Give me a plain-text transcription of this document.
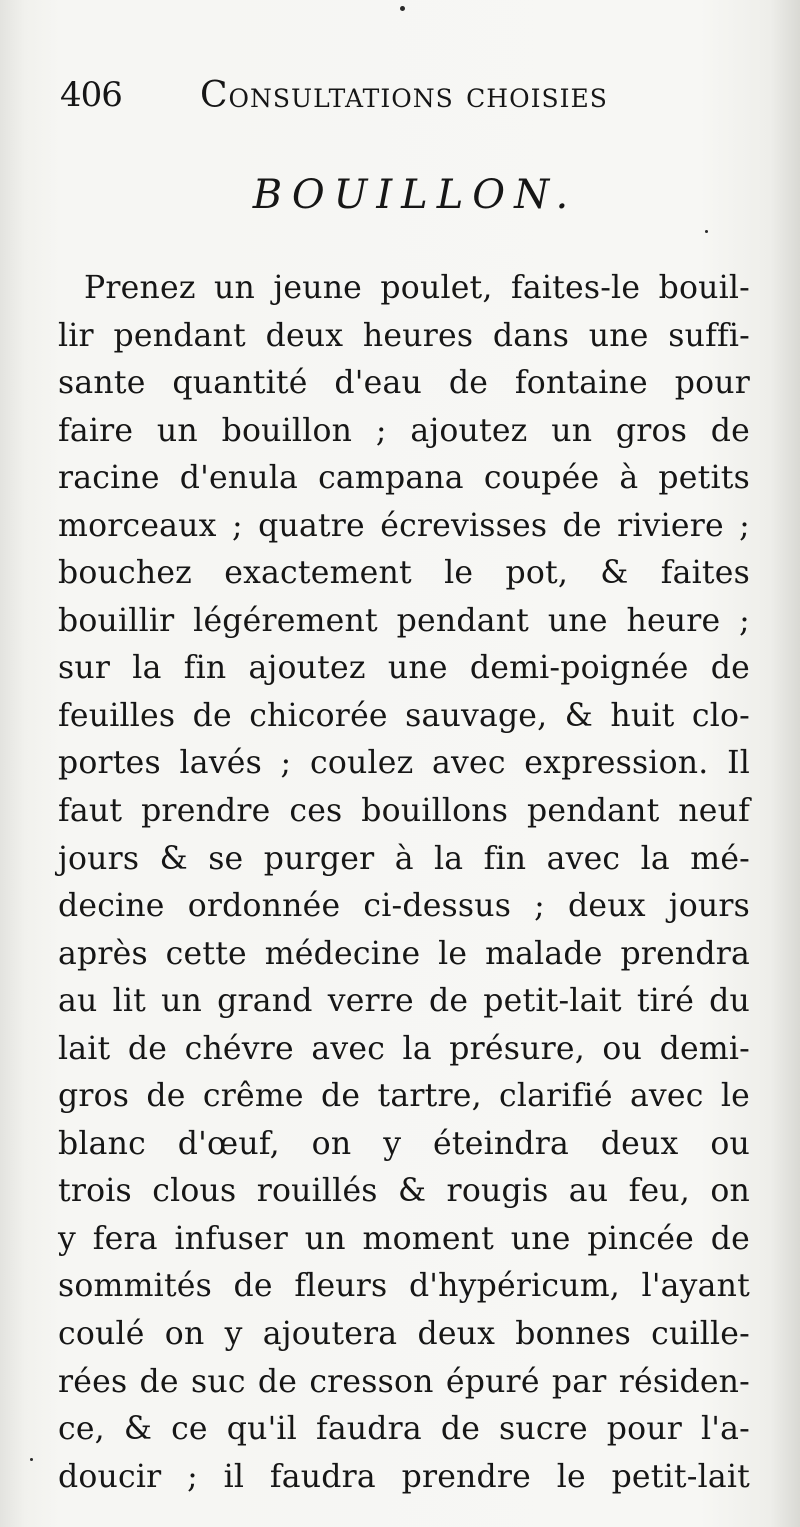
406 Consultations choisies
BOUILLON.
Prenez un jeune poulet, faites-le bouil-
lir pendant deux heures dans une suffi-
sante quantité d'eau de fontaine pour
faire un bouillon ; ajoutez un gros de
racine d'enula campana coupée à petits
morceaux ; quatre écrevisses de riviere ;
bouchez exactement le pot, & faites
bouillir légérement pendant une heure ;
sur la fin ajoutez une demi-poignée de
feuilles de chicorée sauvage, & huit clo-
portes lavés ; coulez avec expression. Il
faut prendre ces bouillons pendant neuf
jours & se purger à la fin avec la mé-
decine ordonnée ci-dessus ; deux jours
après cette médecine le malade prendra
au lit un grand verre de petit-lait tiré du
lait de chévre avec la présure, ou demi-
gros de crême de tartre, clarifié avec le
blanc d'œuf, on y éteindra deux ou
trois clous rouillés & rougis au feu, on
y fera infuser un moment une pincée de
sommités de fleurs d'hypéricum, l'ayant
coulé on y ajoutera deux bonnes cuille-
rées de suc de cresson épuré par résiden-
ce, & ce qu'il faudra de sucre pour l'a-
doucir ; il faudra prendre le petit-lait
